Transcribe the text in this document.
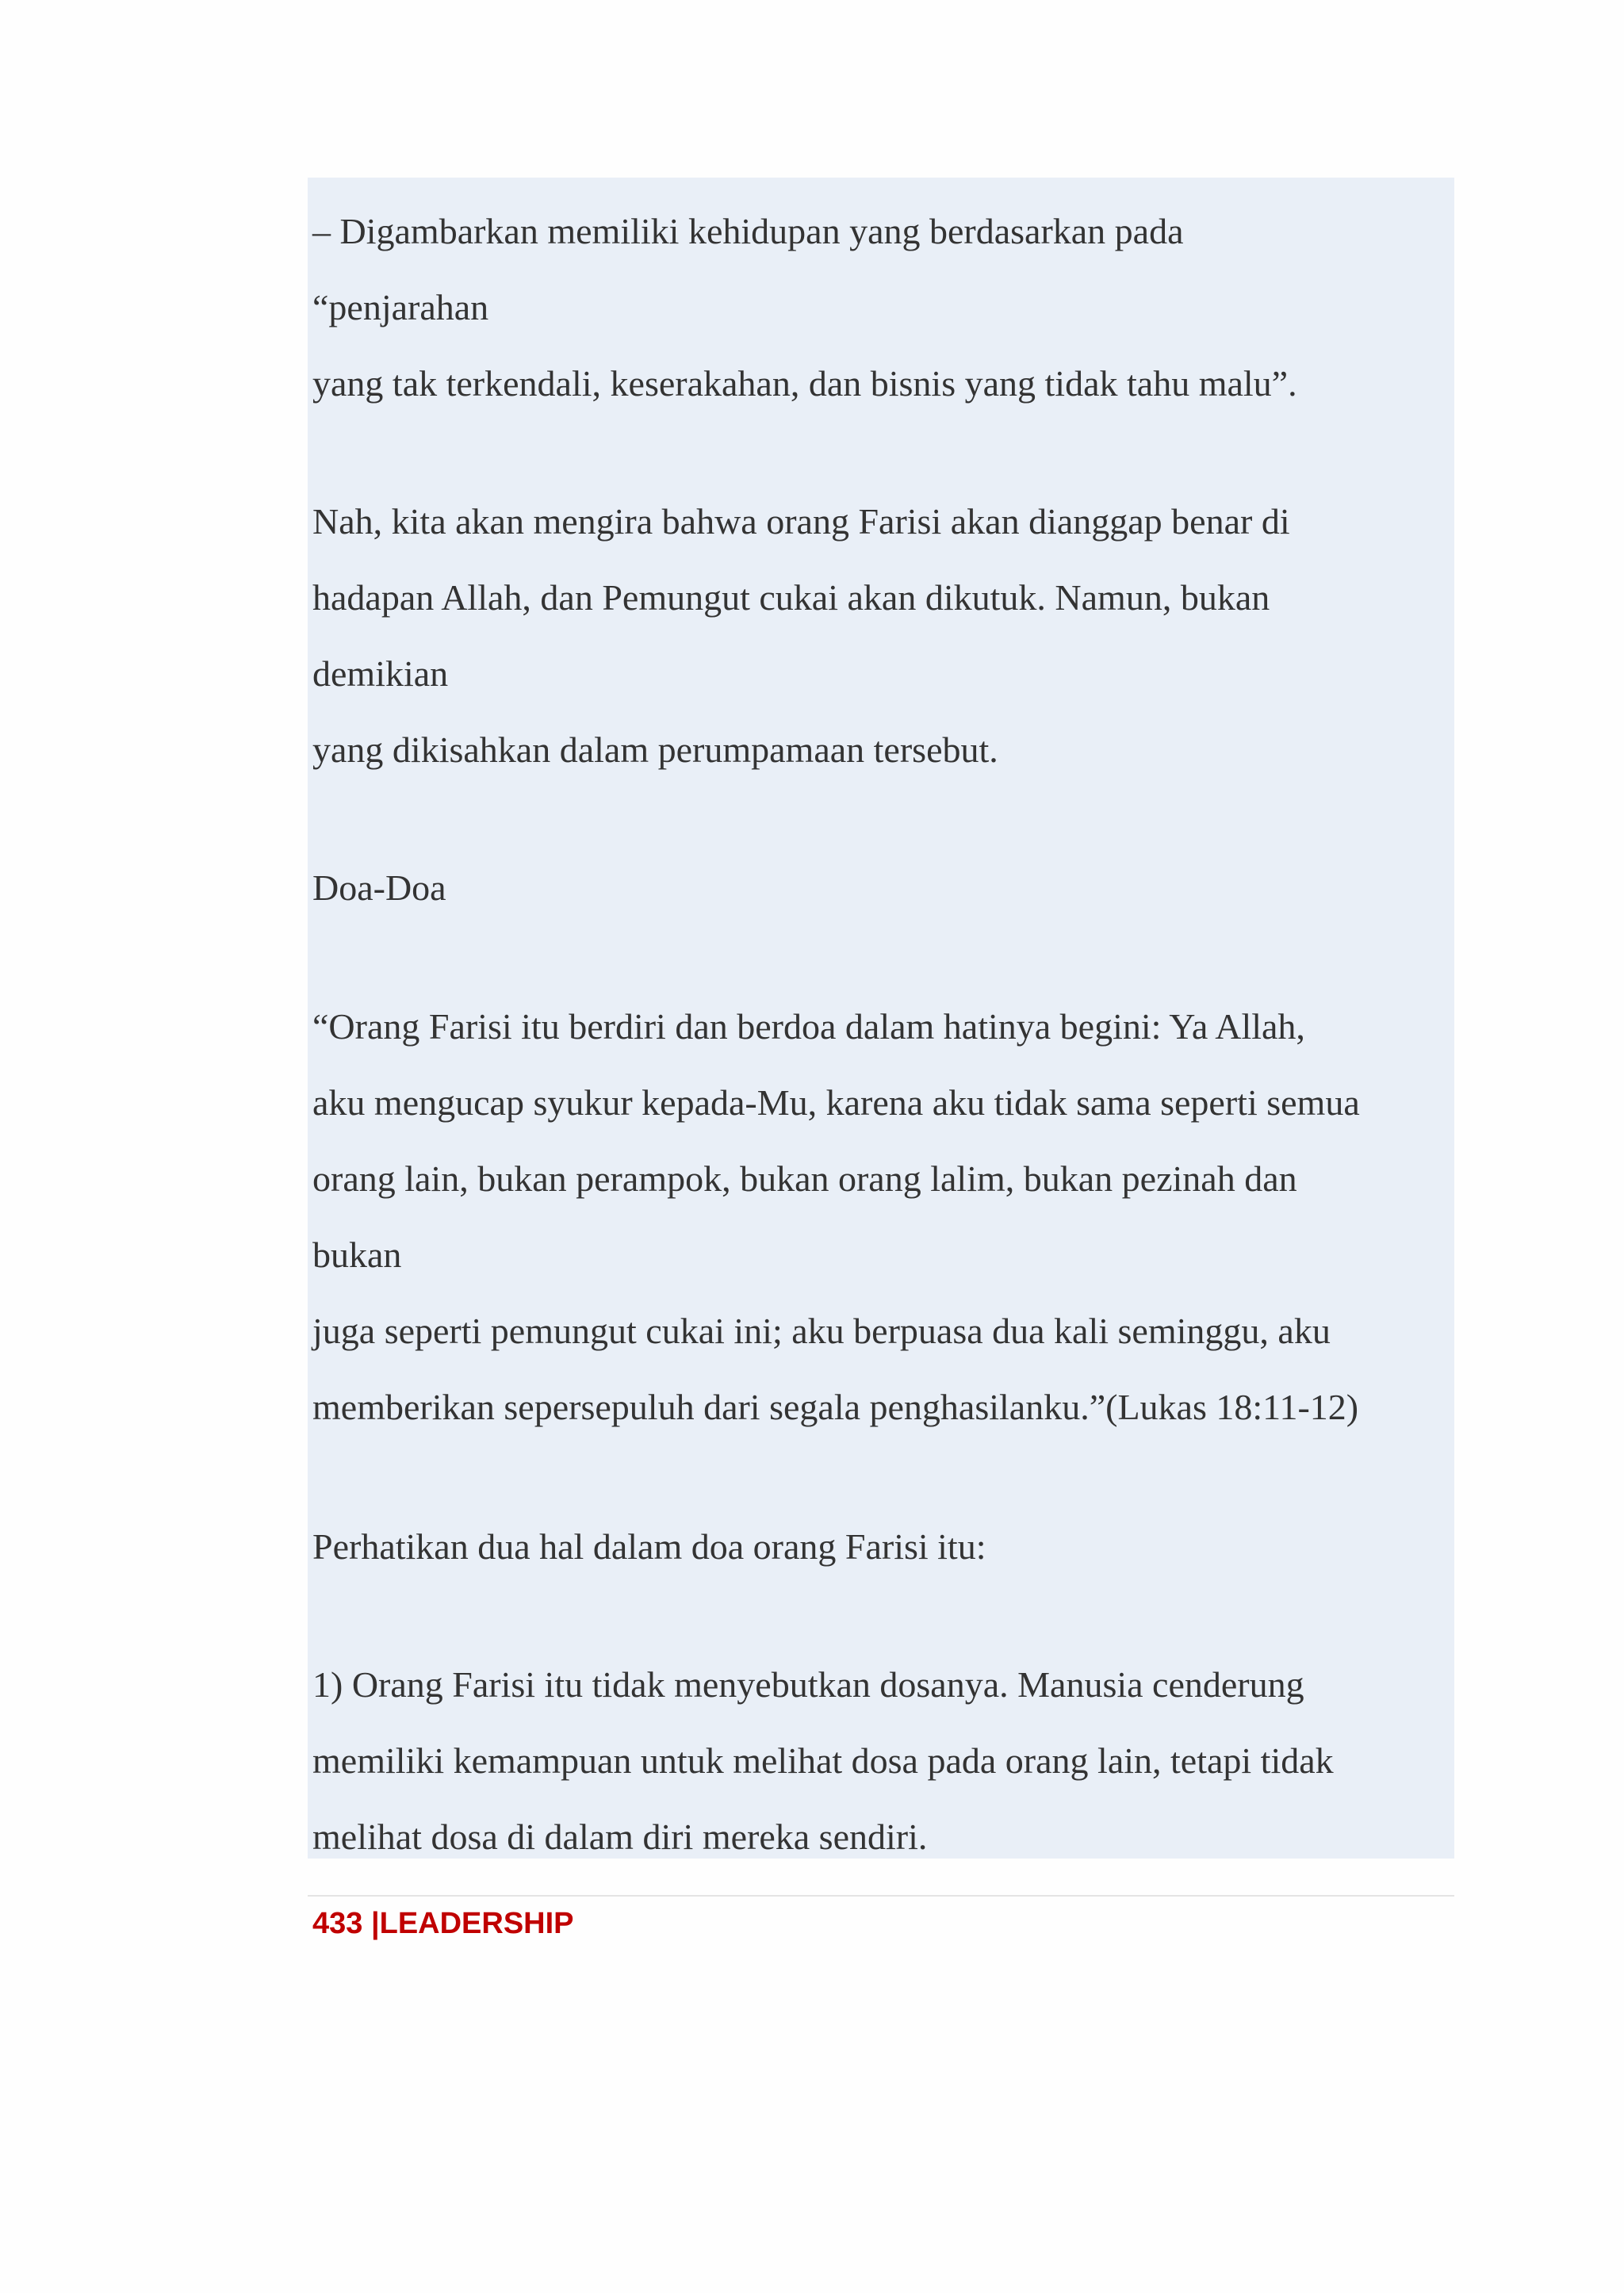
– Digambarkan memiliki kehidupan yang berdasarkan pada

“penjarahan

yang tak terkendali, keserakahan, dan bisnis yang tidak tahu malu”.

Nah, kita akan mengira bahwa orang Farisi akan dianggap benar di

hadapan Allah, dan Pemungut cukai akan dikutuk. Namun, bukan

demikian

yang dikisahkan dalam perumpamaan tersebut.

Doa-Doa

“Orang Farisi itu berdiri dan berdoa dalam hatinya begini: Ya Allah,

aku mengucap syukur kepada-Mu, karena aku tidak sama seperti semua

orang lain, bukan perampok, bukan orang lalim, bukan pezinah dan

bukan

juga seperti pemungut cukai ini; aku berpuasa dua kali seminggu, aku

memberikan sepersepuluh dari segala penghasilanku.”(Lukas 18:11-12)

Perhatikan dua hal dalam doa orang Farisi itu:

1) Orang Farisi itu tidak menyebutkan dosanya. Manusia cenderung

memiliki kemampuan untuk melihat dosa pada orang lain, tetapi tidak

melihat dosa di dalam diri mereka sendiri.

433 |LEADERSHIP
